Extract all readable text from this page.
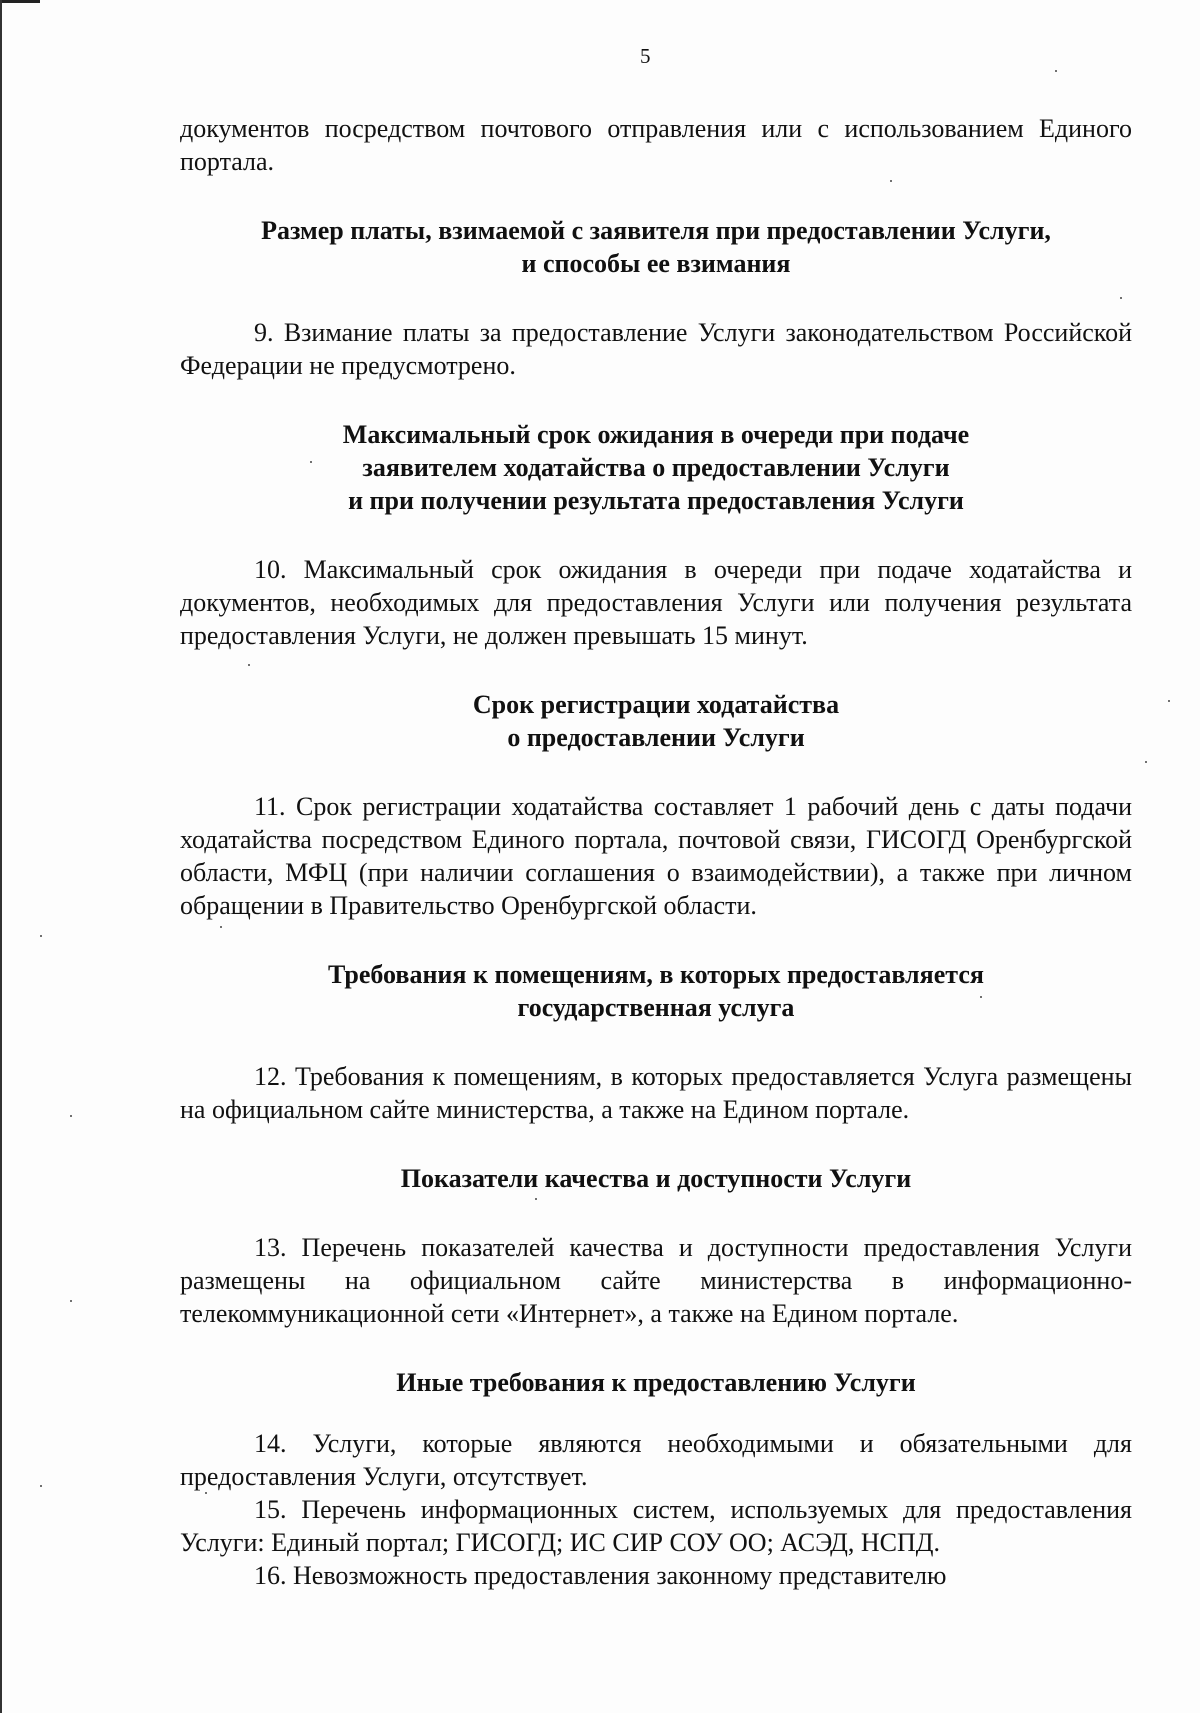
5

документов посредством почтового отправления или с использованием Единого портала.

Размер платы, взимаемой с заявителя при предоставлении Услуги,
и способы ее взимания

9. Взимание платы за предоставление Услуги законодательством Российской Федерации не предусмотрено.

Максимальный срок ожидания в очереди при подаче
заявителем ходатайства о предоставлении Услуги
и при получении результата предоставления Услуги

10. Максимальный срок ожидания в очереди при подаче ходатайства и документов, необходимых для предоставления Услуги или получения результата предоставления Услуги, не должен превышать 15 минут.

Срок регистрации ходатайства
о предоставлении Услуги

11. Срок регистрации ходатайства составляет 1 рабочий день с даты подачи ходатайства посредством Единого портала, почтовой связи, ГИСОГД Оренбургской области, МФЦ (при наличии соглашения о взаимодействии), а также при личном обращении в Правительство Оренбургской области.

Требования к помещениям, в которых предоставляется
государственная услуга

12. Требования к помещениям, в которых предоставляется Услуга размещены на официальном сайте министерства, а также на Едином портале.

Показатели качества и доступности Услуги

13. Перечень показателей качества и доступности предоставления Услуги размещены на официальном сайте министерства в информационно-телекоммуникационной сети «Интернет», а также на Едином портале.

Иные требования к предоставлению Услуги

14. Услуги, которые являются необходимыми и обязательными для предоставления Услуги, отсутствует.

15. Перечень информационных систем, используемых для предоставления Услуги: Единый портал; ГИСОГД; ИС СИР СОУ ОО; АСЭД, НСПД.

16. Невозможность предоставления законному представителю
